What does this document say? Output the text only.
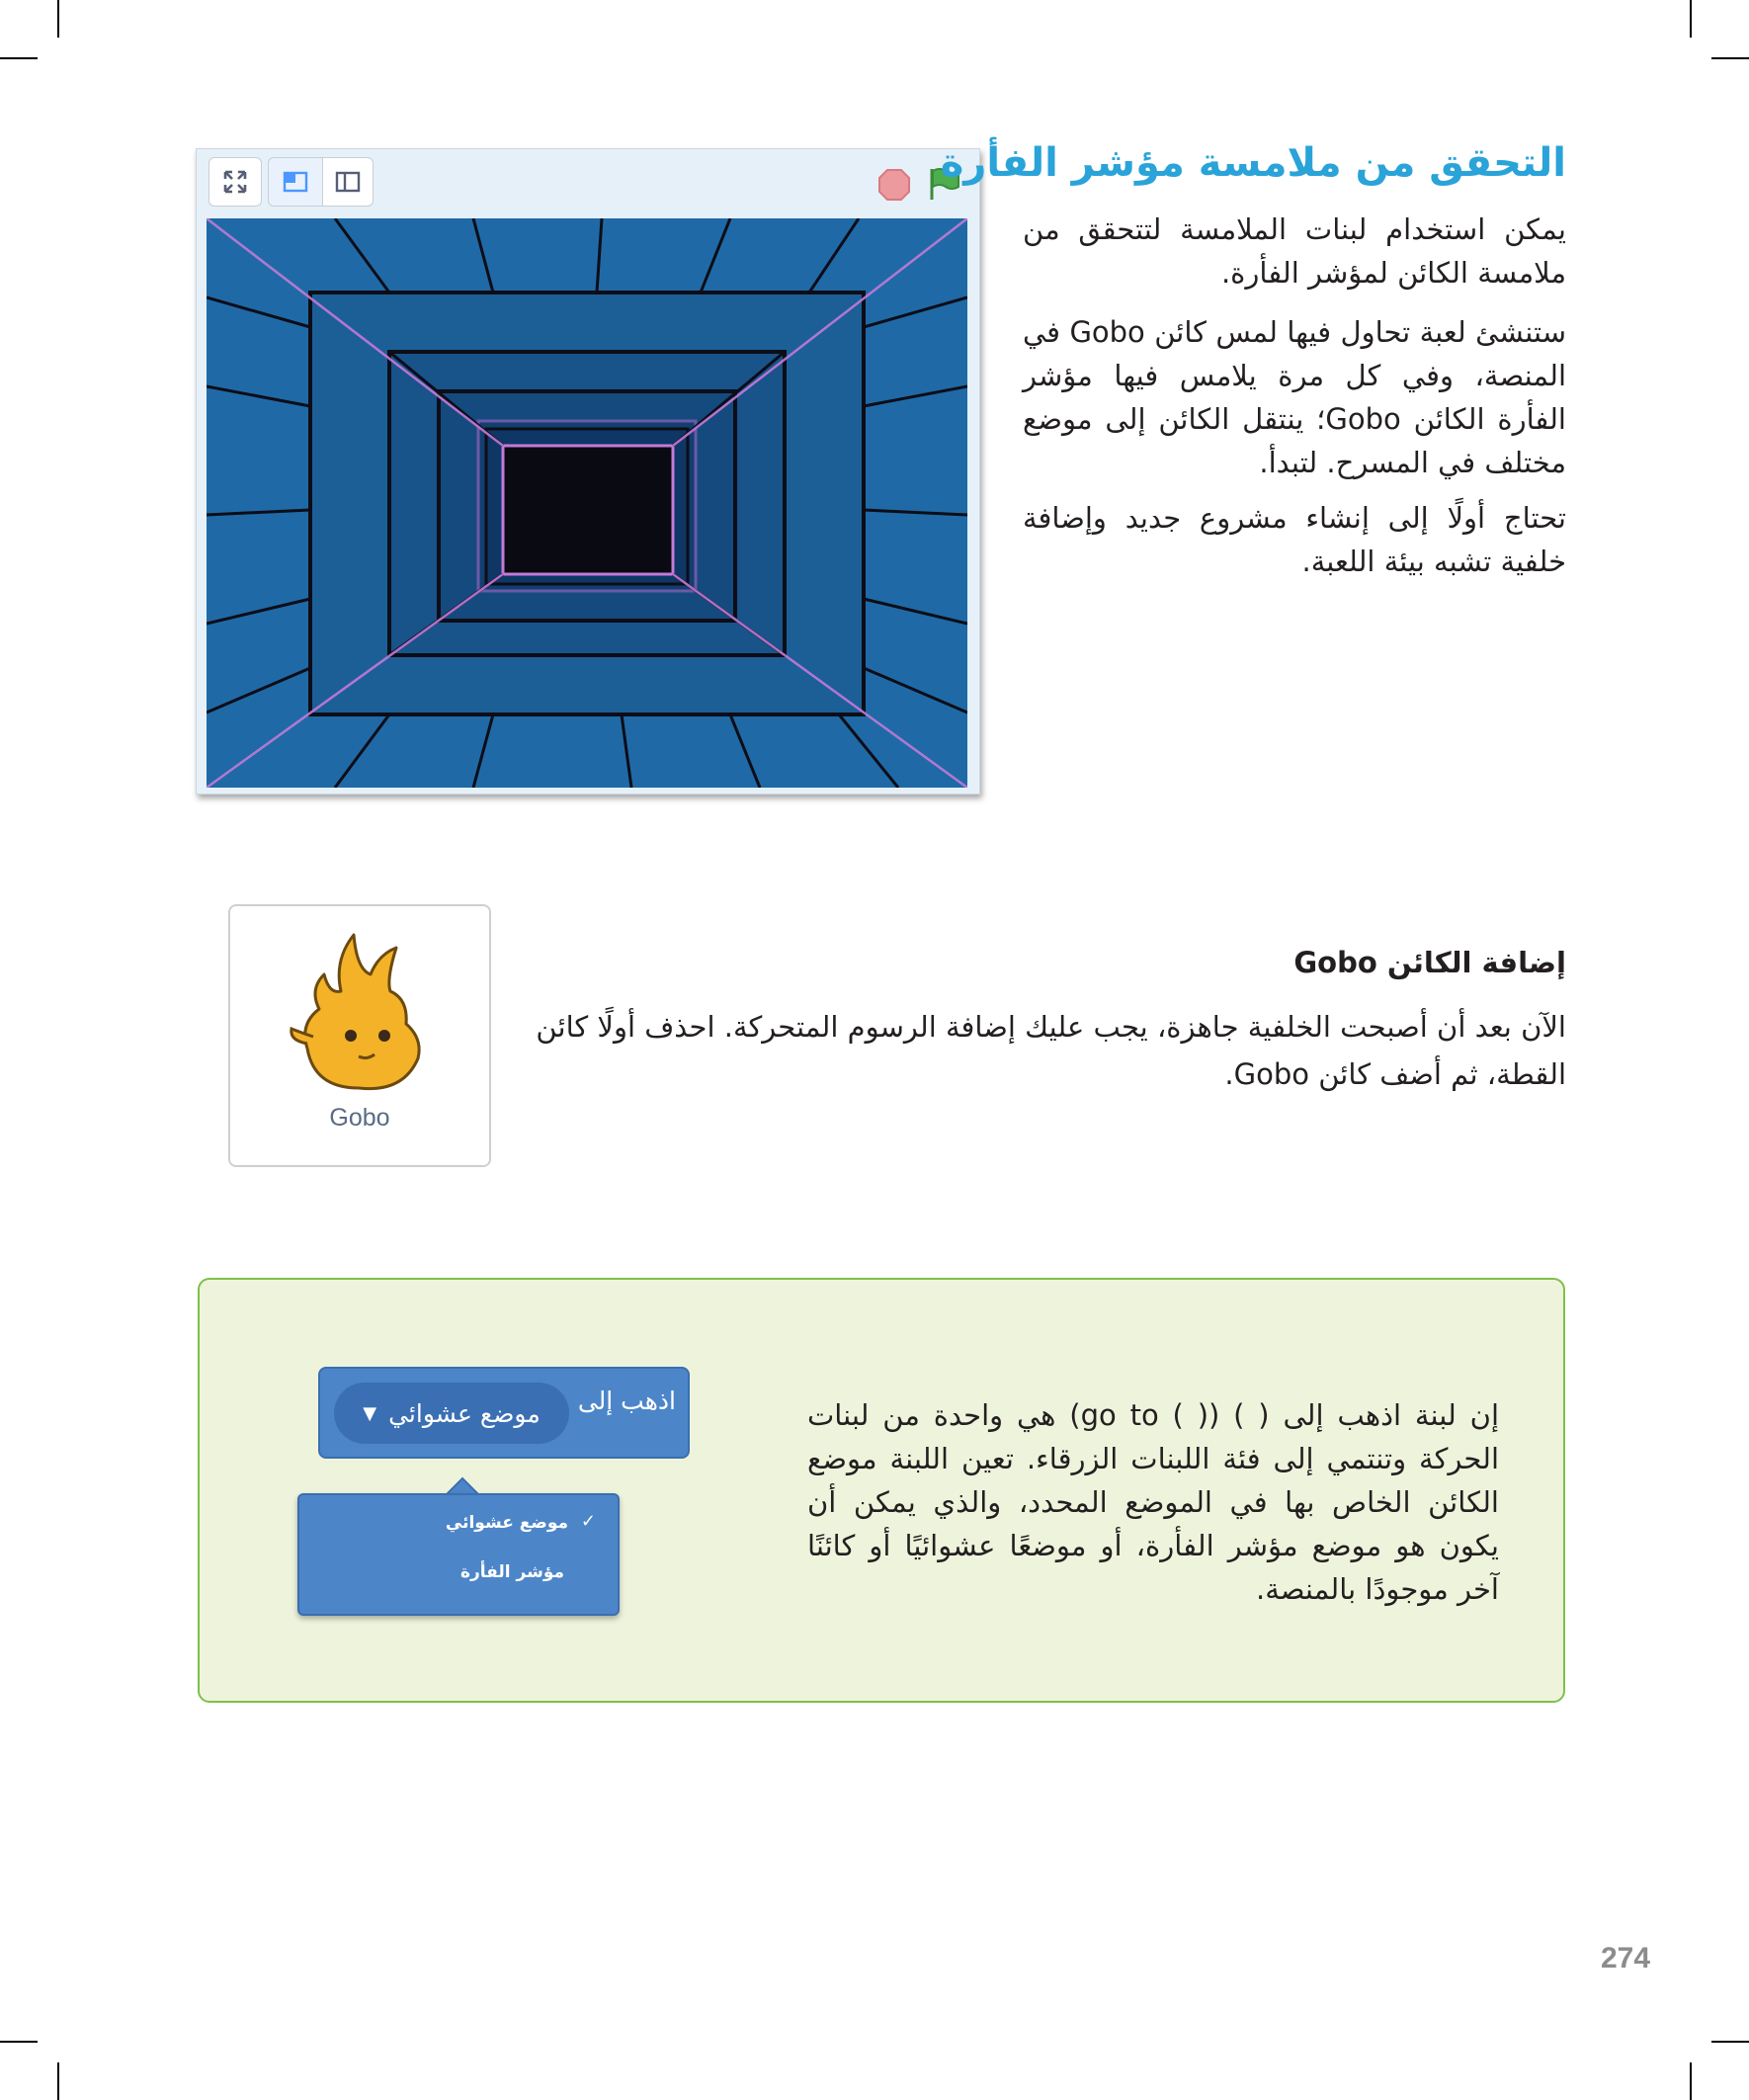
التحقق من ملامسة مؤشر الفأرة

يمكن استخدام لبنات الملامسة لتتحقق من ملامسة الكائن لمؤشر الفأرة.

ستنشئ لعبة تحاول فيها لمس كائن Gobo في المنصة، وفي كل مرة يلامس فيها مؤشر الفأرة الكائن Gobo؛ ينتقل الكائن إلى موضع مختلف في المسرح. لتبدأ.

تحتاج أولًا إلى إنشاء مشروع جديد وإضافة خلفية تشبه بيئة اللعبة.

Gobo
إضافة الكائن Gobo

الآن بعد أن أصبحت الخلفية جاهزة، يجب عليك إضافة الرسوم المتحركة. احذف أولًا كائن القطة، ثم أضف كائن Gobo.

إن لبنة اذهب إلى ( ) (( ) go to) هي واحدة من لبنات الحركة وتنتمي إلى فئة اللبنات الزرقاء. تعين اللبنة موضع الكائن الخاص بها في الموضع المحدد، والذي يمكن أن يكون هو موضع مؤشر الفأرة، أو موضعًا عشوائيًا أو كائنًا آخر موجودًا بالمنصة.

اذهب إلى
▼ موضع عشوائي
✓
موضع عشوائي
مؤشر الفأرة
274
